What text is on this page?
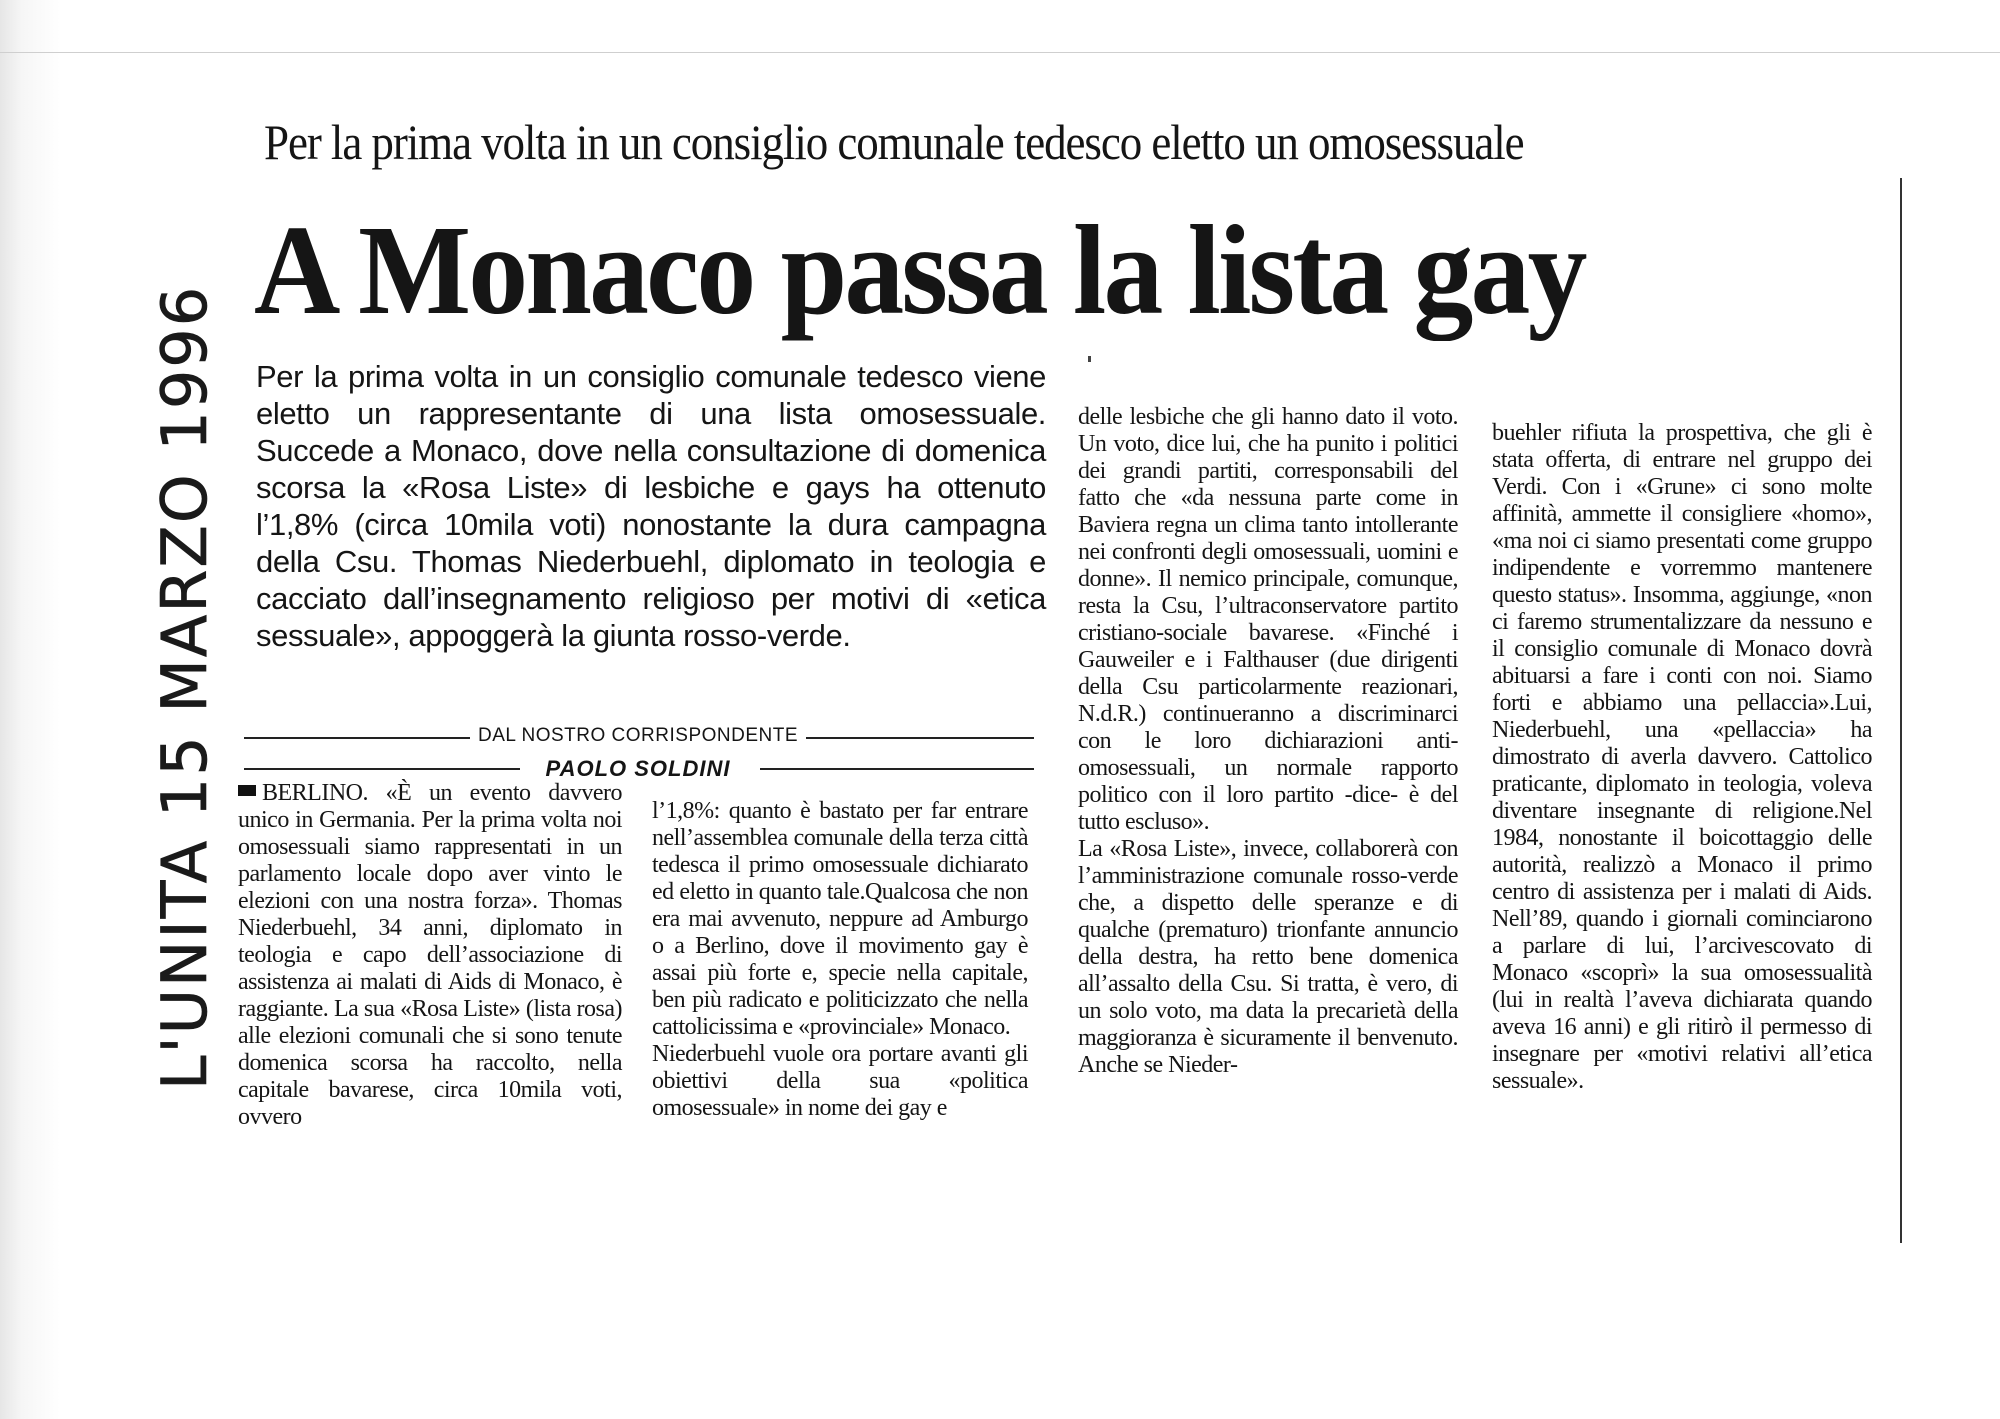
Per la prima volta in un consiglio comunale tedesco eletto un omosessuale
A Monaco passa la lista gay
Per la prima volta in un consiglio comunale tedesco viene eletto un rappresentante di una lista omosessuale. Succede a Monaco, dove nella consultazione di domenica scorsa la «Rosa Liste» di lesbiche e gays ha ottenuto l’1,8% (circa 10mila voti) nonostante la dura campagna della Csu. Thomas Niederbuehl, diplomato in teologia e cacciato dall’insegnamento religioso per motivi di «etica sessuale», appoggerà la giunta rosso-verde.
DAL NOSTRO CORRISPONDENTE
PAOLO SOLDINI
BERLINO. «È un evento davvero unico in Germania. Per la prima volta noi omosessuali siamo rappresentati in un parlamento locale dopo aver vinto le elezioni con una nostra forza». Thomas Niederbuehl, 34 anni, diplomato in teologia e capo dell’associazione di assistenza ai malati di Aids di Monaco, è raggiante. La sua «Rosa Liste» (lista rosa) alle elezioni comunali che si sono tenute domenica scorsa ha raccolto, nella capitale bavarese, circa 10mila voti, ovvero
l’1,8%: quanto è bastato per far entrare nell’assemblea comunale della terza città tedesca il primo omosessuale dichiarato ed eletto in quanto tale.Qualcosa che non era mai avvenuto, neppure ad Amburgo o a Berlino, dove il movimento gay è assai più forte e, specie nella capitale, ben più radicato e politicizzato che nella cattolicissima e «provinciale» Monaco.
Niederbuehl vuole ora portare avanti gli obiettivi della sua «politica omosessuale» in nome dei gay e
delle lesbiche che gli hanno dato il voto. Un voto, dice lui, che ha punito i politici dei grandi partiti, corresponsabili del fatto che «da nessuna parte come in Baviera regna un clima tanto intollerante nei confronti degli omosessuali, uomini e donne». Il nemico principale, comunque, resta la Csu, l’ultraconservatore partito cristiano-sociale bavarese. «Finché i Gauweiler e i Falthauser (due dirigenti della Csu particolarmente reazionari, N.d.R.) continueranno a discriminarci con le loro dichiarazioni anti-omosessuali, un normale rapporto politico con il loro partito -dice- è del tutto escluso».
La «Rosa Liste», invece, collaborerà con l’amministrazione comunale rosso-verde che, a dispetto delle speranze e di qualche (prematuro) trionfante annuncio della destra, ha retto bene domenica all’assalto della Csu. Si tratta, è vero, di un solo voto, ma data la precarietà della maggioranza è sicuramente il benvenuto. Anche se Nieder-
buehler rifiuta la prospettiva, che gli è stata offerta, di entrare nel gruppo dei Verdi. Con i «Grune» ci sono molte affinità, ammette il consigliere «homo», «ma noi ci siamo presentati come gruppo indipendente e vorremmo mantenere questo status». Insomma, aggiunge, «non ci faremo strumentalizzare da nessuno e il consiglio comunale di Monaco dovrà abituarsi a fare i conti con noi. Siamo forti e abbiamo una pellaccia».Lui, Niederbuehl, una «pellaccia» ha dimostrato di averla davvero. Cattolico praticante, diplomato in teologia, voleva diventare insegnante di religione.Nel 1984, nonostante il boicottaggio delle autorità, realizzò a Monaco il primo centro di assistenza per i malati di Aids. Nell’89, quando i giornali cominciarono a parlare di lui, l’arcivescovato di Monaco «scoprì» la sua omosessualità (lui in realtà l’aveva dichiarata quando aveva 16 anni) e gli ritirò il permesso di insegnare per «motivi relativi all’etica sessuale».
L'UNITA 15 MARZO 1996
